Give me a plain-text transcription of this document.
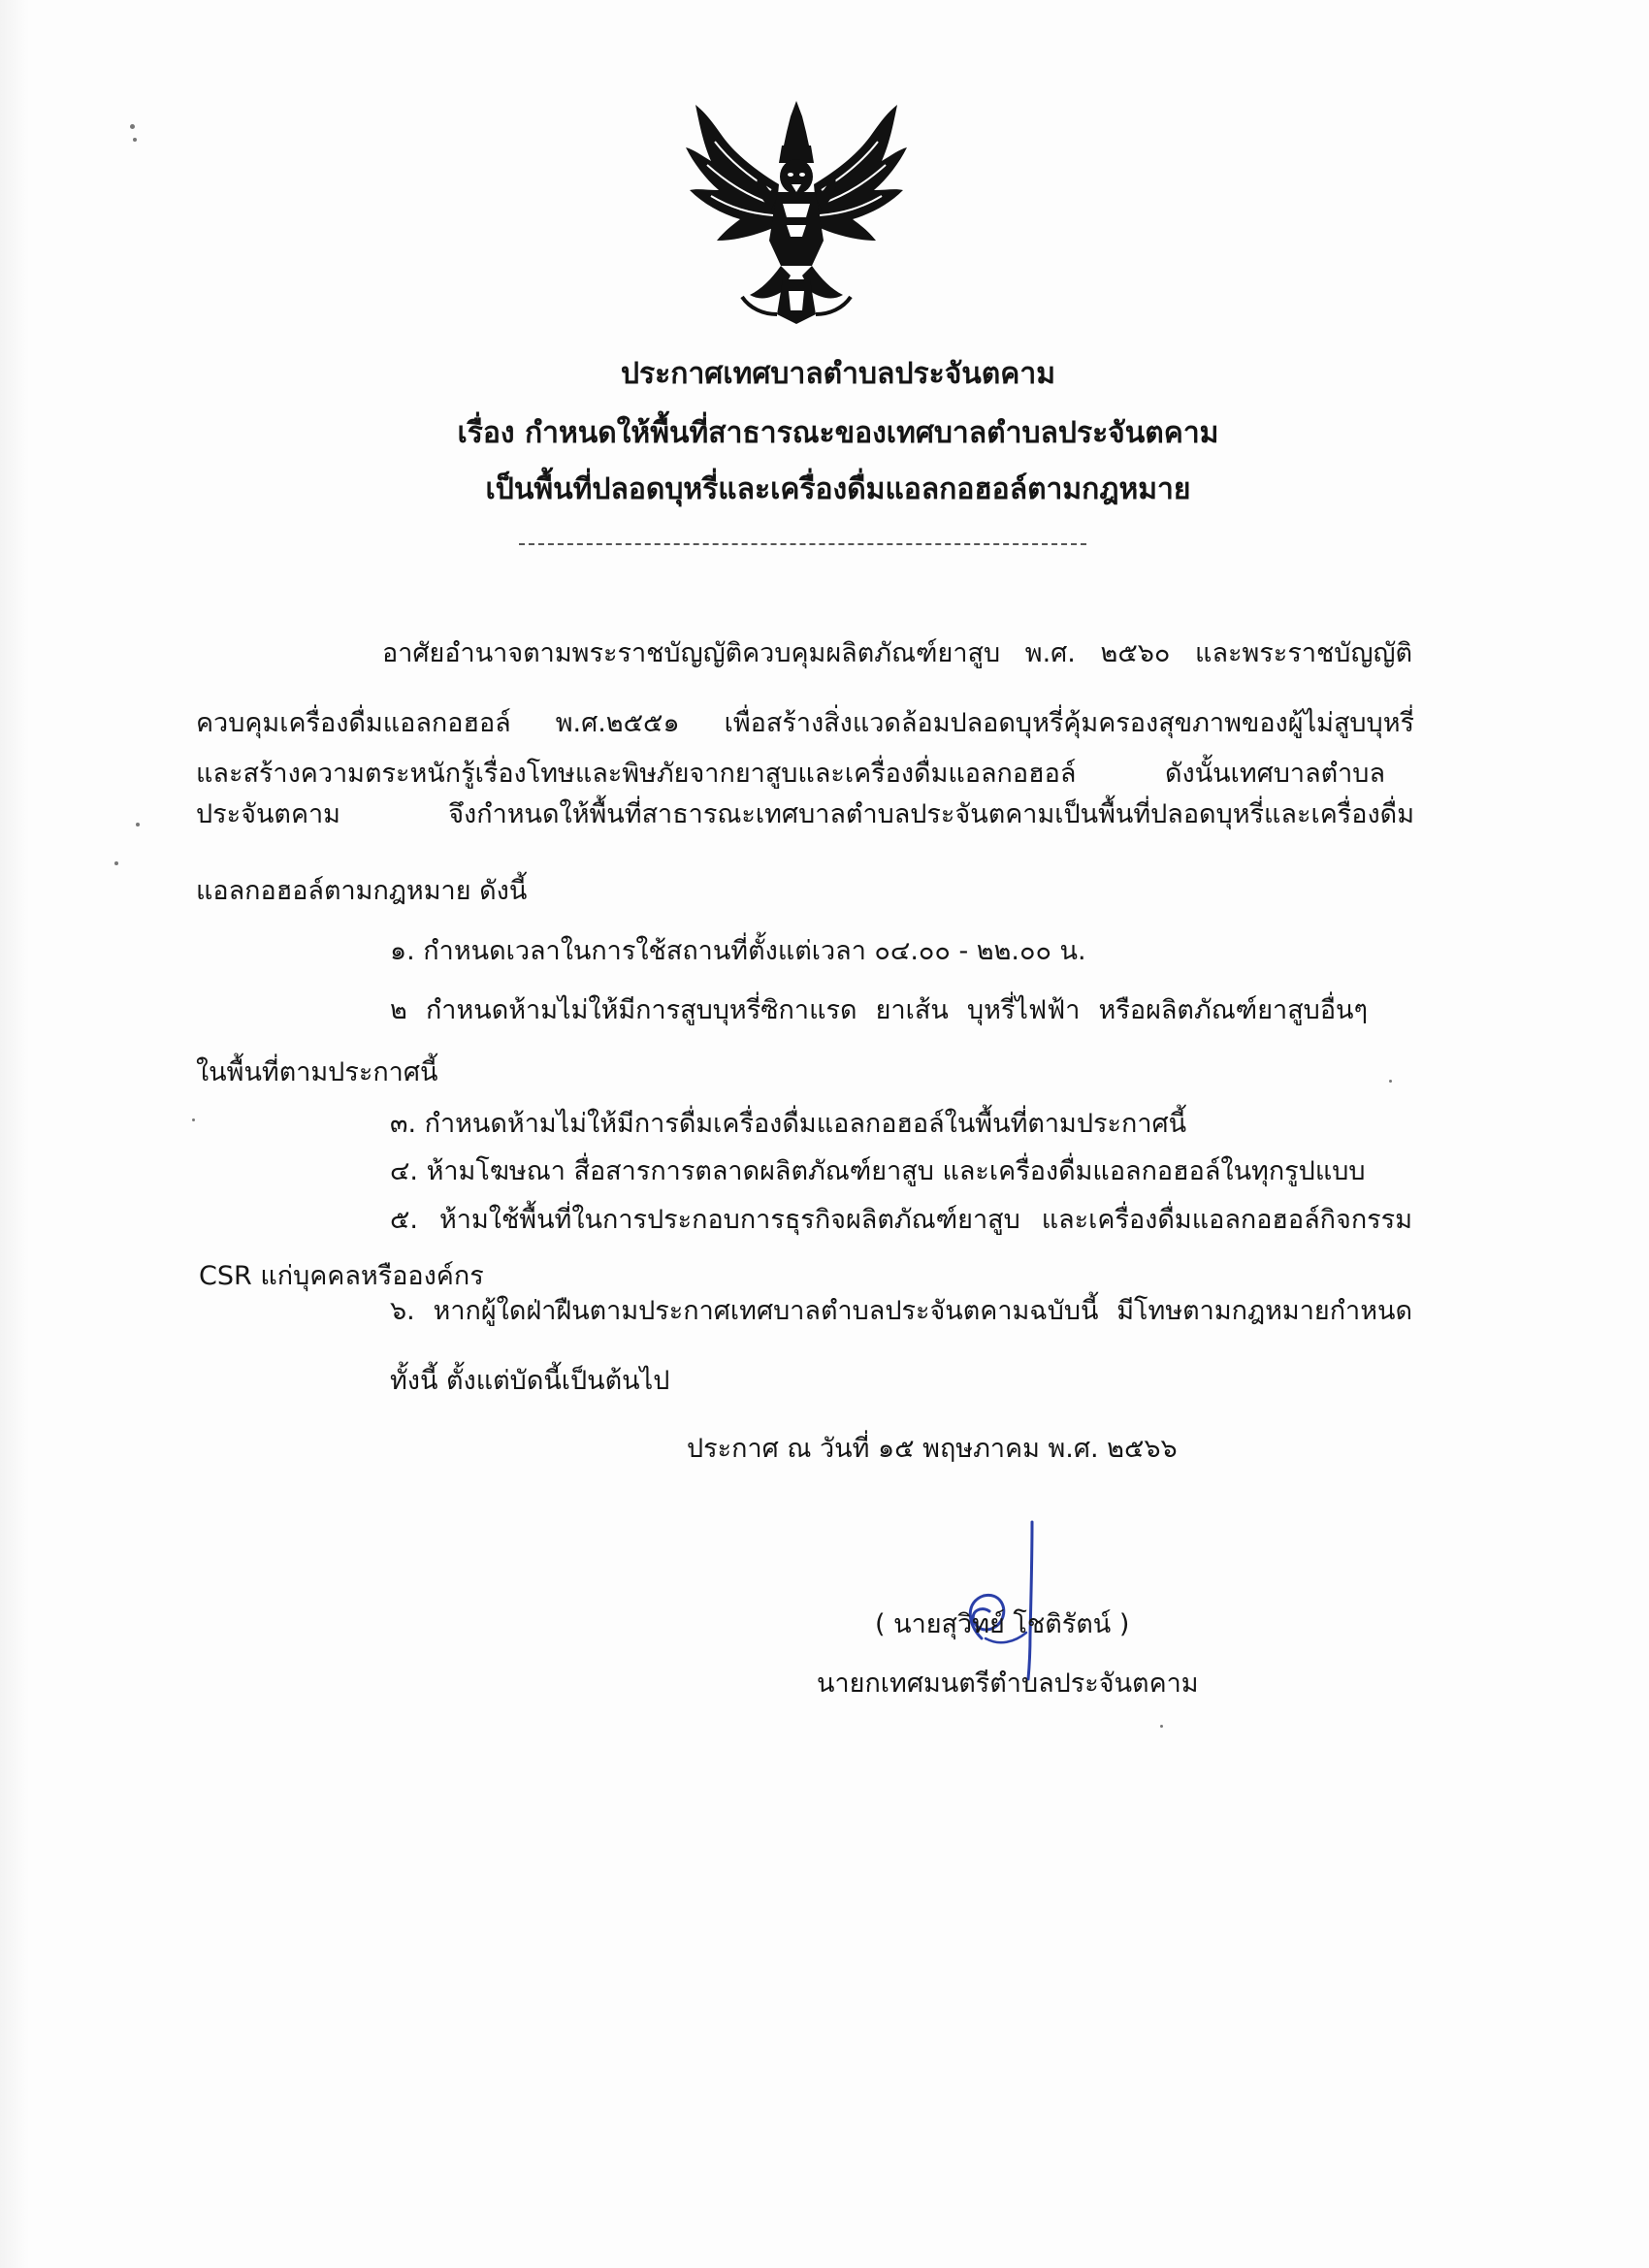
ประกาศเทศบาลตำบลประจันตคาม
เรื่อง กำหนดให้พื้นที่สาธารณะของเทศบาลตำบลประจันตคาม
เป็นพื้นที่ปลอดบุหรี่และเครื่องดื่มแอลกอฮอล์ตามกฎหมาย
อาศัยอำนาจตามพระราชบัญญัติควบคุมผลิตภัณฑ์ยาสูบ พ.ศ. ๒๕๖๐ และพระราชบัญญัติ
ควบคุมเครื่องดื่มแอลกอฮอล์ พ.ศ.๒๕๕๑ เพื่อสร้างสิ่งแวดล้อมปลอดบุหรี่คุ้มครองสุขภาพของผู้ไม่สูบบุหรี่
และสร้างความตระหนักรู้เรื่องโทษและพิษภัยจากยาสูบและเครื่องดื่มแอลกอฮอล์ ดังนั้นเทศบาลตำบล
ประจันตคาม จึงกำหนดให้พื้นที่สาธารณะเทศบาลตำบลประจันตคามเป็นพื้นที่ปลอดบุหรี่และเครื่องดื่ม
แอลกอฮอล์ตามกฎหมาย ดังนี้
๑. กำหนดเวลาในการใช้สถานที่ตั้งแต่เวลา ๐๔.๐๐ - ๒๒.๐๐ น.
๒ กำหนดห้ามไม่ให้มีการสูบบุหรี่ซิกาแรด ยาเส้น บุหรี่ไฟฟ้า หรือผลิตภัณฑ์ยาสูบอื่นๆ
ในพื้นที่ตามประกาศนี้
๓. กำหนดห้ามไม่ให้มีการดื่มเครื่องดื่มแอลกอฮอล์ในพื้นที่ตามประกาศนี้
๔. ห้ามโฆษณา สื่อสารการตลาดผลิตภัณฑ์ยาสูบ และเครื่องดื่มแอลกอฮอล์ในทุกรูปแบบ
๕. ห้ามใช้พื้นที่ในการประกอบการธุรกิจผลิตภัณฑ์ยาสูบ และเครื่องดื่มแอลกอฮอล์กิจกรรม
CSR แก่บุคคลหรือองค์กร
๖. หากผู้ใดฝ่าฝืนตามประกาศเทศบาลตำบลประจันตคามฉบับนี้ มีโทษตามกฎหมายกำหนด
ทั้งนี้ ตั้งแต่บัดนี้เป็นต้นไป
ประกาศ ณ วันที่ ๑๕ พฤษภาคม พ.ศ. ๒๕๖๖
( นายสุวิทย์ โชติรัตน์ )
นายกเทศมนตรีตำบลประจันตคาม
